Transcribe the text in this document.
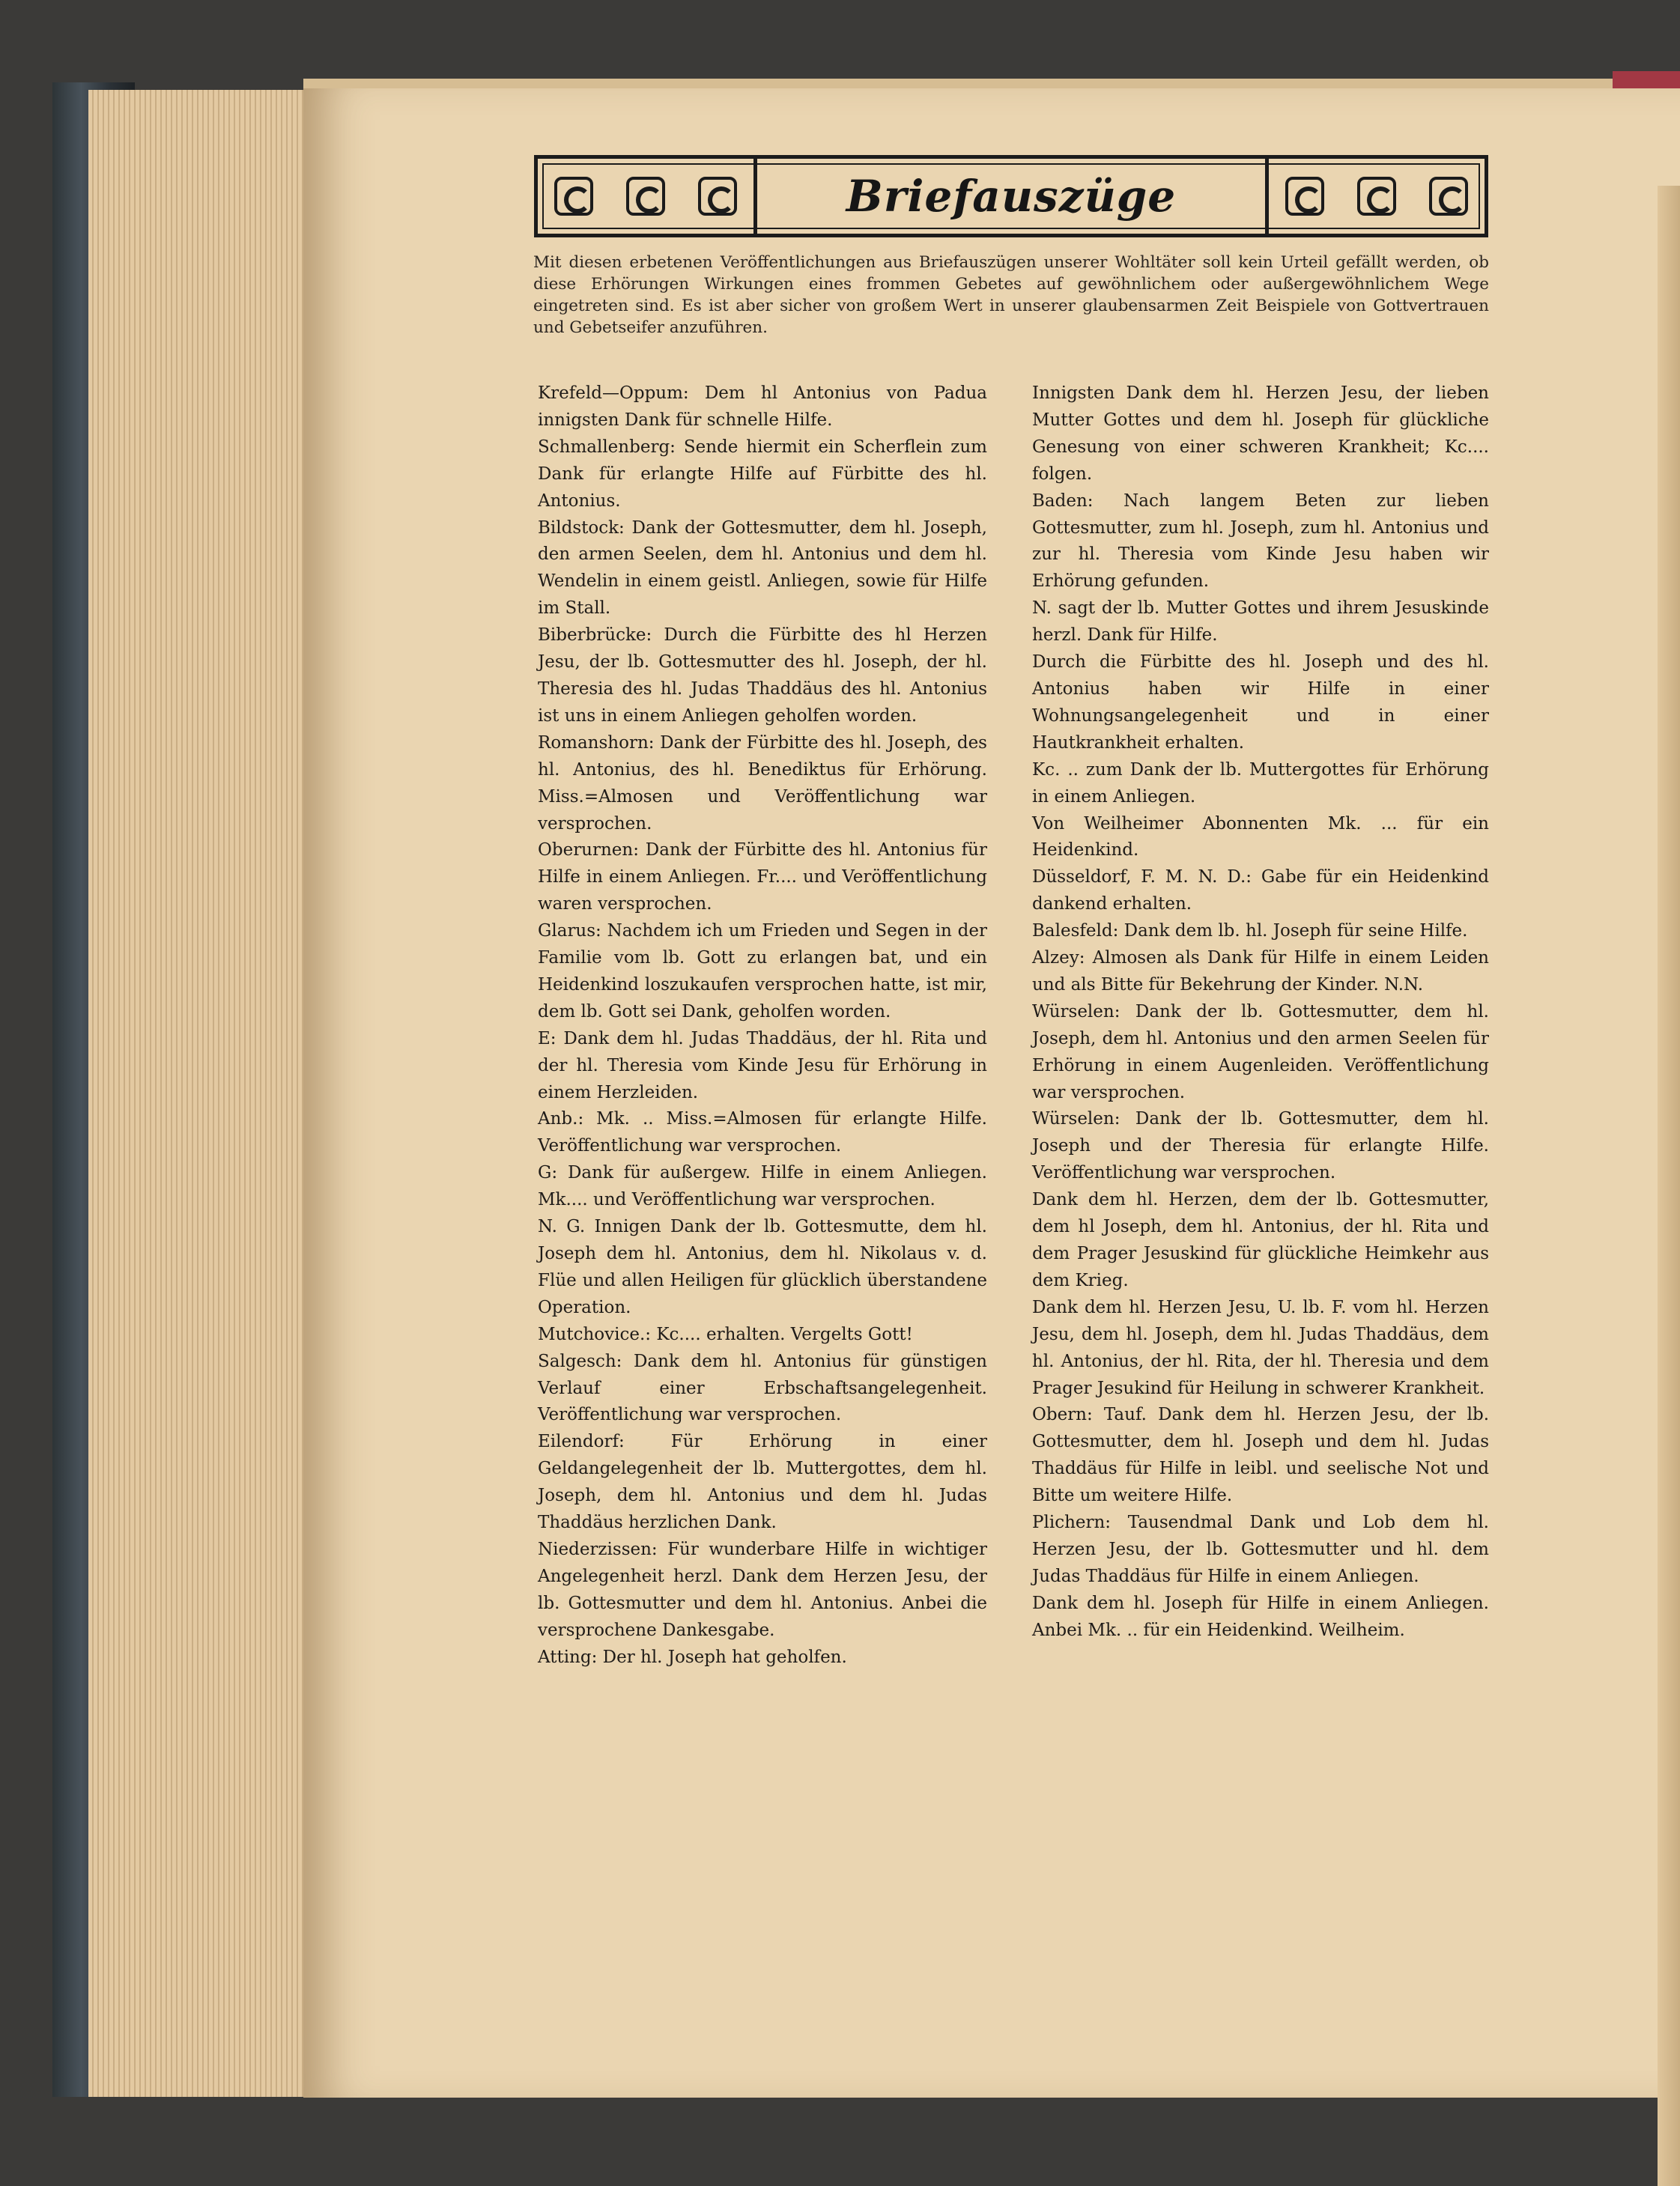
Briefauszüge
Mit diesen erbetenen Veröffentlichungen aus Briefauszügen unserer Wohltäter soll kein Urteil gefällt werden, ob diese Erhörungen Wirkungen eines frommen Gebetes auf gewöhnlichem oder außergewöhnlichem Wege eingetreten sind. Es ist aber sicher von großem Wert in unserer glaubensarmen Zeit Beispiele von Gottvertrauen und Gebetseifer anzuführen.

Krefeld—Oppum: Dem hl Antonius von Padua innigsten Dank für schnelle Hilfe.

Schmallenberg: Sende hiermit ein Scherflein zum Dank für erlangte Hilfe auf Fürbitte des hl. Antonius.

Bildstock: Dank der Gottesmutter, dem hl. Joseph, den armen Seelen, dem hl. Antonius und dem hl. Wendelin in einem geistl. Anliegen, sowie für Hilfe im Stall.

Biberbrücke: Durch die Fürbitte des hl Herzen Jesu, der lb. Gottesmutter des hl. Joseph, der hl. Theresia des hl. Judas Thaddäus des hl. Antonius ist uns in einem Anliegen geholfen worden.

Romanshorn: Dank der Fürbitte des hl. Joseph, des hl. Antonius, des hl. Benediktus für Erhörung. Miss.=Almosen und Veröffentlichung war versprochen.

Oberurnen: Dank der Fürbitte des hl. Antonius für Hilfe in einem Anliegen. Fr.... und Veröffentlichung waren versprochen.

Glarus: Nachdem ich um Frieden und Segen in der Familie vom lb. Gott zu erlangen bat, und ein Heidenkind loszukaufen versprochen hatte, ist mir, dem lb. Gott sei Dank, geholfen worden.

E: Dank dem hl. Judas Thaddäus, der hl. Rita und der hl. Theresia vom Kinde Jesu für Erhörung in einem Herzleiden.

Anb.: Mk. .. Miss.=Almosen für erlangte Hilfe. Veröffentlichung war versprochen.

G: Dank für außergew. Hilfe in einem Anliegen. Mk.... und Veröffentlichung war versprochen.

N. G. Innigen Dank der lb. Gottesmutte, dem hl. Joseph dem hl. Antonius, dem hl. Nikolaus v. d. Flüe und allen Heiligen für glücklich überstandene Operation.

Mutchovice.: Kc.... erhalten. Vergelts Gott!

Salgesch: Dank dem hl. Antonius für günstigen Verlauf einer Erbschaftsangelegenheit. Veröffentlichung war versprochen.

Eilendorf: Für Erhörung in einer Geldangelegenheit der lb. Muttergottes, dem hl. Joseph, dem hl. Antonius und dem hl. Judas Thaddäus herzlichen Dank.

Niederzissen: Für wunderbare Hilfe in wichtiger Angelegenheit herzl. Dank dem Herzen Jesu, der lb. Gottesmutter und dem hl. Antonius. Anbei die versprochene Dankesgabe.

Atting: Der hl. Joseph hat geholfen.

Innigsten Dank dem hl. Herzen Jesu, der lieben Mutter Gottes und dem hl. Joseph für glückliche Genesung von einer schweren Krankheit; Kc.... folgen.

Baden: Nach langem Beten zur lieben Gottesmutter, zum hl. Joseph, zum hl. Antonius und zur hl. Theresia vom Kinde Jesu haben wir Erhörung gefunden.

N. sagt der lb. Mutter Gottes und ihrem Jesuskinde herzl. Dank für Hilfe.

Durch die Fürbitte des hl. Joseph und des hl. Antonius haben wir Hilfe in einer Wohnungsangelegenheit und in einer Hautkrankheit erhalten.

Kc. .. zum Dank der lb. Muttergottes für Erhörung in einem Anliegen.

Von Weilheimer Abonnenten Mk. ... für ein Heidenkind.

Düsseldorf, F. M. N. D.: Gabe für ein Heidenkind dankend erhalten.

Balesfeld: Dank dem lb. hl. Joseph für seine Hilfe.

Alzey: Almosen als Dank für Hilfe in einem Leiden und als Bitte für Bekehrung der Kinder. N.N.

Würselen: Dank der lb. Gottesmutter, dem hl. Joseph, dem hl. Antonius und den armen Seelen für Erhörung in einem Augenleiden. Veröffentlichung war versprochen.

Würselen: Dank der lb. Gottesmutter, dem hl. Joseph und der Theresia für erlangte Hilfe. Veröffentlichung war versprochen.

Dank dem hl. Herzen, dem der lb. Gottesmutter, dem hl Joseph, dem hl. Antonius, der hl. Rita und dem Prager Jesuskind für glückliche Heimkehr aus dem Krieg.

Dank dem hl. Herzen Jesu, U. lb. F. vom hl. Herzen Jesu, dem hl. Joseph, dem hl. Judas Thaddäus, dem hl. Antonius, der hl. Rita, der hl. Theresia und dem Prager Jesukind für Heilung in schwerer Krankheit.

Obern: Tauf. Dank dem hl. Herzen Jesu, der lb. Gottesmutter, dem hl. Joseph und dem hl. Judas Thaddäus für Hilfe in leibl. und seelische Not und Bitte um weitere Hilfe.

Plichern: Tausendmal Dank und Lob dem hl. Herzen Jesu, der lb. Gottesmutter und hl. dem Judas Thaddäus für Hilfe in einem Anliegen.

Dank dem hl. Joseph für Hilfe in einem Anliegen. Anbei Mk. .. für ein Heidenkind. Weilheim.
